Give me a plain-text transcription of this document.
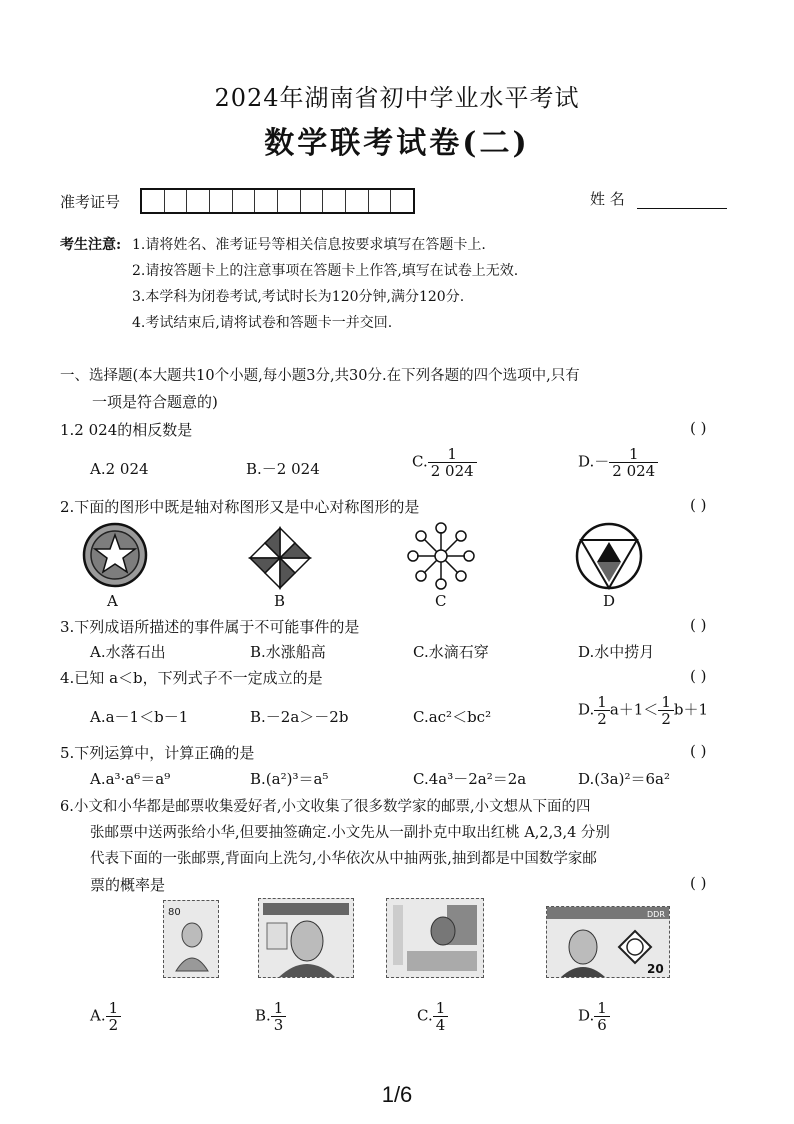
2024年湖南省初中学业水平考试
数学联考试卷(二)
准考证号	姓 名
考生注意: 1.请将姓名、准考证号等相关信息按要求填写在答题卡上.
2.请按答题卡上的注意事项在答题卡上作答,填写在试卷上无效.
3.本学科为闭卷考试,考试时长为120分钟,满分120分.
4.考试结束后,请将试卷和答题卡一并交回.
一、选择题(本大题共10个小题,每小题3分,共30分.在下列各题的四个选项中,只有
一项是符合题意的)
1.2 024的相反数是	( )
A.2 024	B.－2 024	C. $\frac{1}{2 024}$	$D.- \frac{1}{2 024}$
2.下面的图形中既是轴对称图形又是中心对称图形的是	( )
A	B	C	D
3.下列成语所描述的事件属于不可能事件的是	( )
A.水落石出	B.水涨船高	C.水滴石穿	D.水中捞月
4.已知 a＜b，下列式子不一定成立的是	( )
A.a－1＜b－1	B.－2a＞－2b	C.ac²＜bc²	D. $\frac{1}{2} a+1< \frac{1}{2} b+1$
5.下列运算中，计算正确的是	( )
A.a³·a⁶＝a⁹	B.(a²)³＝a⁵	C.4a³－2a²＝2a	D.(3a)²＝6a²
6.小文和小华都是邮票收集爱好者,小文收集了很多数学家的邮票,小文想从下面的四
张邮票中送两张给小华,但要抽签确定.小文先从一副扑克中取出红桃 A,2,3,4 分别
代表下面的一张邮票,背面向上洗匀,小华依次从中抽两张,抽到都是中国数学家邮
票的概率是	( )
80	DDR
20
A. $\frac{1}{2}$	B. $\frac{1}{3}$	C. $\frac{1}{4}$	D. $\frac{1}{6}$
1/6
